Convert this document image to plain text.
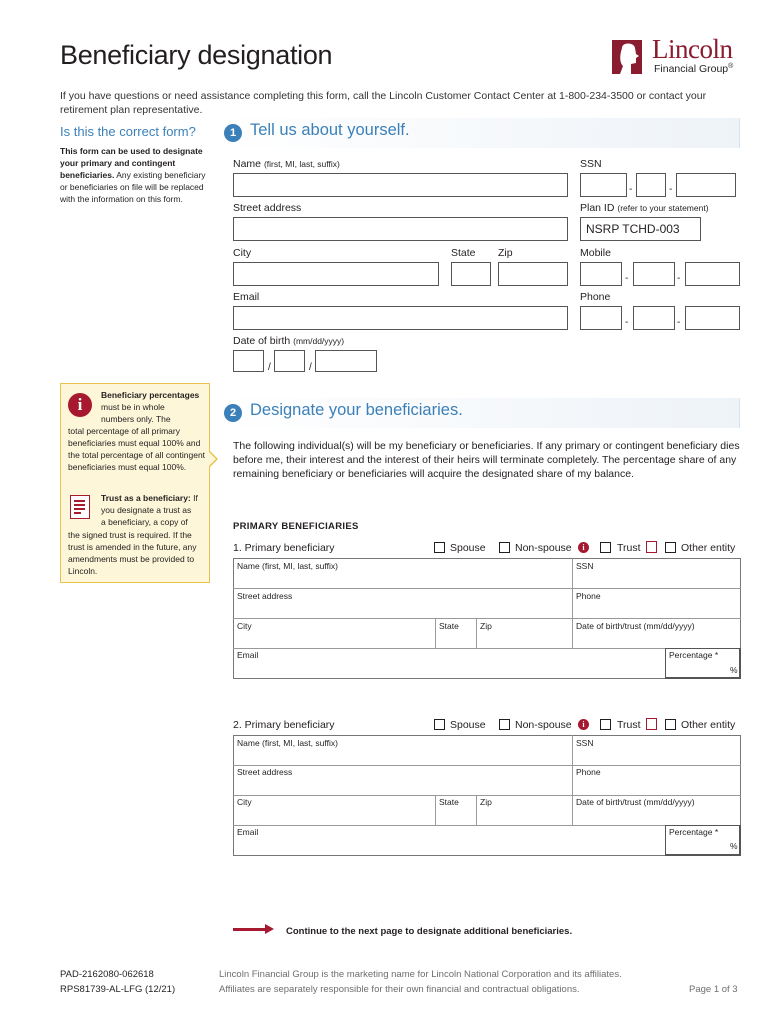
Beneficiary designation	Lincoln
Financial Group®
If you have questions or need assistance completing this form, call the Lincoln Customer Contact Center at 1-800-234-3500 or contact your retirement plan representative.
Is this the correct form?
This form can be used to designate your primary and contingent beneficiaries. Any existing beneficiary or beneficiaries on file will be replaced with the information on this form.
1 Tell us about yourself.
Name (first, MI, last, suffix)	SSN
-	-
Street address	Plan ID (refer to your statement)
NSRP TCHD-003
City	State Zip	Mobile
-	-
Email	Phone
-	-
Date of birth (mm/dd/yyyy)
/	/
i	Beneficiary percentages
must be in whole
numbers only. The
total percentage of all primary beneficiaries must equal 100% and the total percentage of all contingent beneficiaries must equal 100%.
Trust as a beneficiary: If
you designate a trust as
a beneficiary, a copy of
the signed trust is required. If the trust is amended in the future, any amendments must be provided to Lincoln.
2 Designate your beneficiaries.
The following individual(s) will be my beneficiary or beneficiaries. If any primary or contingent beneficiary dies before me, their interest and the interest of their heirs will terminate completely. The percentage share of any remaining beneficiary or beneficiaries will acquire the designated share of my balance.
PRIMARY BENEFICIARIES
1. Primary beneficiary	Spouse	Non-spouse	i	Trust	Other entity
Name (first, MI, last, suffix)	SSN
Street address	Phone
City	State Zip	Date of birth/trust (mm/dd/yyyy)
Email	Percentage *
%
2. Primary beneficiary	Spouse	Non-spouse	i	Trust	Other entity
Name (first, MI, last, suffix)	SSN
Street address	Phone
City	State Zip	Date of birth/trust (mm/dd/yyyy)
Email	Percentage *
%
Continue to the next page to designate additional beneficiaries.
PAD-2162080-062618
RPS81739-AL-LFG (12/21)
Lincoln Financial Group is the marketing name for Lincoln National Corporation and its affiliates.
Affiliates are separately responsible for their own financial and contractual obligations.	Page 1 of 3
